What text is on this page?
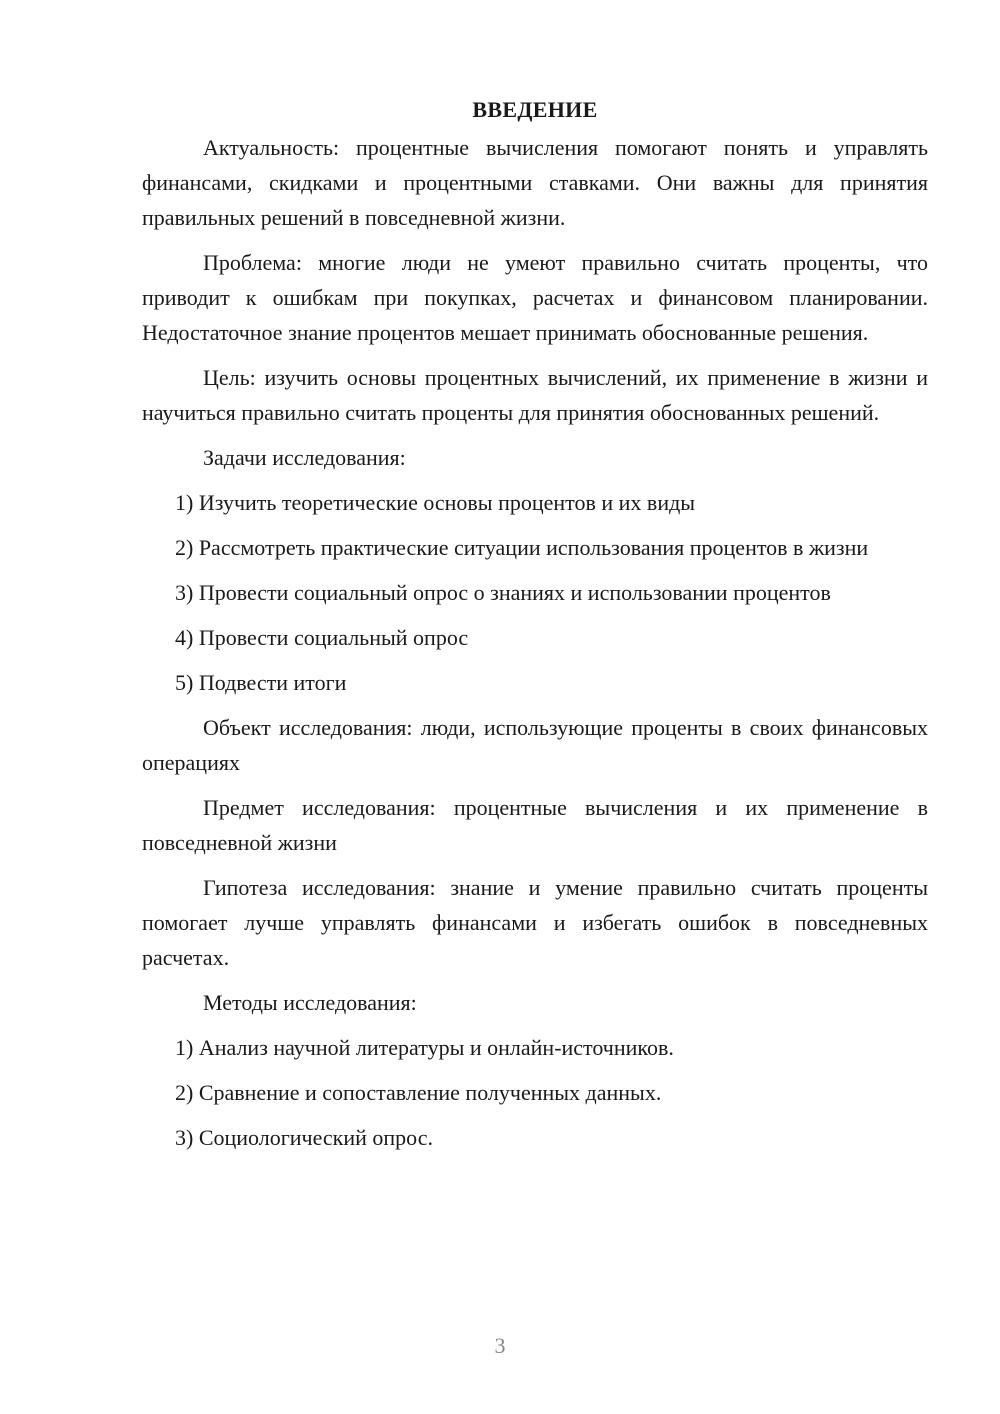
ВВЕДЕНИЕ

Актуальность: процентные вычисления помогают понять и управлять финансами, скидками и процентными ставками. Они важны для принятия правильных решений в повседневной жизни.

Проблема: многие люди не умеют правильно считать проценты, что приводит к ошибкам при покупках, расчетах и финансовом планировании. Недостаточное знание процентов мешает принимать обоснованные решения.

Цель: изучить основы процентных вычислений, их применение в жизни и научиться правильно считать проценты для принятия обоснованных решений.

Задачи исследования:

1) Изучить теоретические основы процентов и их виды

2) Рассмотреть практические ситуации использования процентов в жизни

3) Провести социальный опрос о знаниях и использовании процентов

4) Провести социальный опрос

5) Подвести итоги

Объект исследования: люди, использующие проценты в своих финансовых операциях

Предмет исследования: процентные вычисления и их применение в повседневной жизни

Гипотеза исследования: знание и умение правильно считать проценты помогает лучше управлять финансами и избегать ошибок в повседневных расчетах.

Методы исследования:

1) Анализ научной литературы и онлайн-источников.

2) Сравнение и сопоставление полученных данных.

3) Социологический опрос.

3
